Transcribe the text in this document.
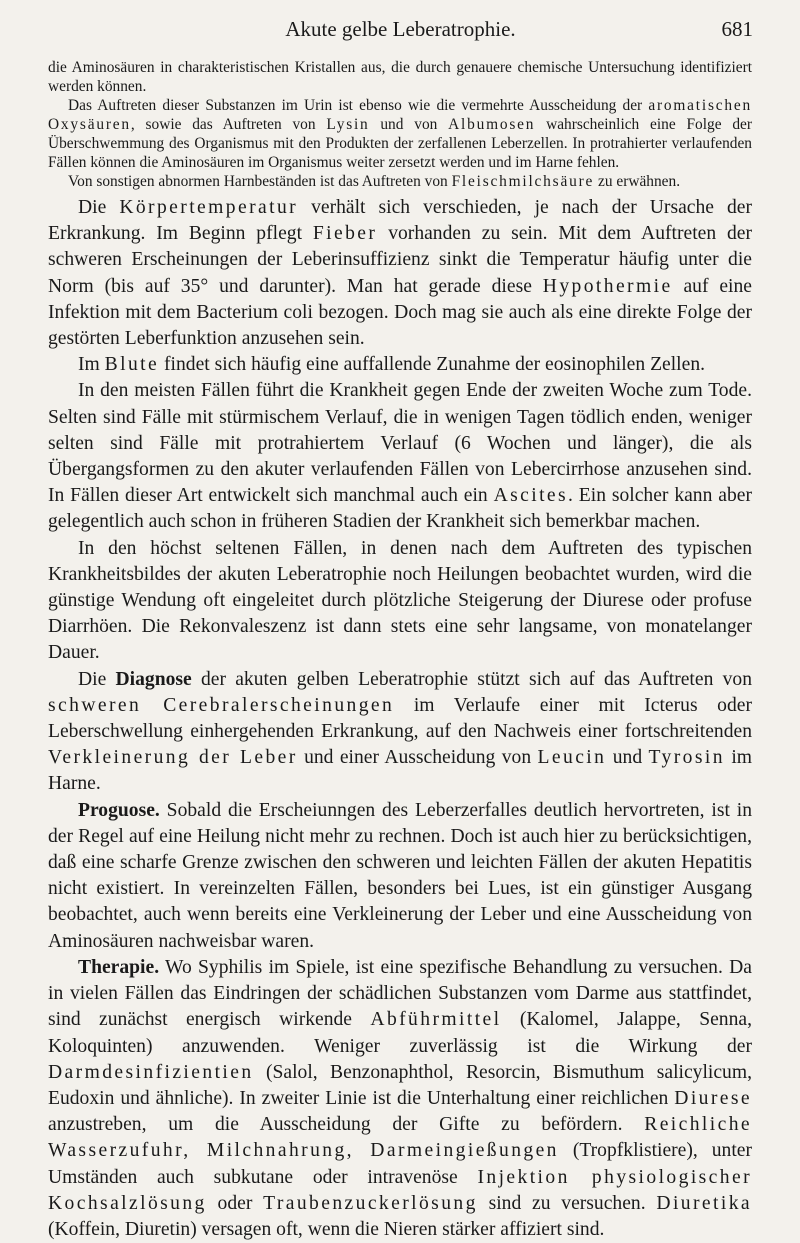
Akute gelbe Leberatrophie.	681

die Aminosäuren in charakteristischen Kristallen aus, die durch genauere chemische Untersuchung identifiziert werden können.

Das Auftreten dieser Substanzen im Urin ist ebenso wie die vermehrte Ausscheidung der aromatischen Oxysäuren, sowie das Auftreten von Lysin und von Albumosen wahrscheinlich eine Folge der Überschwemmung des Organismus mit den Produkten der zerfallenen Leberzellen. In protrahierter verlaufenden Fällen können die Aminosäuren im Organismus weiter zersetzt werden und im Harne fehlen.

Von sonstigen abnormen Harnbeständen ist das Auftreten von Fleischmilchsäure zu erwähnen.

Die Körpertemperatur verhält sich verschieden, je nach der Ursache der Erkrankung. Im Beginn pflegt Fieber vorhanden zu sein. Mit dem Auftreten der schweren Erscheinungen der Leberinsuffizienz sinkt die Temperatur häufig unter die Norm (bis auf 35° und darunter). Man hat gerade diese Hypothermie auf eine Infektion mit dem Bacterium coli bezogen. Doch mag sie auch als eine direkte Folge der gestörten Leberfunktion anzusehen sein.

Im Blute findet sich häufig eine auffallende Zunahme der eosinophilen Zellen.

In den meisten Fällen führt die Krankheit gegen Ende der zweiten Woche zum Tode. Selten sind Fälle mit stürmischem Verlauf, die in wenigen Tagen tödlich enden, weniger selten sind Fälle mit protrahiertem Verlauf (6 Wochen und länger), die als Übergangsformen zu den akuter verlaufenden Fällen von Lebercirrhose anzusehen sind. In Fällen dieser Art entwickelt sich manchmal auch ein Ascites. Ein solcher kann aber gelegentlich auch schon in früheren Stadien der Krankheit sich bemerkbar machen.

In den höchst seltenen Fällen, in denen nach dem Auftreten des typischen Krankheitsbildes der akuten Leberatrophie noch Heilungen beobachtet wurden, wird die günstige Wendung oft eingeleitet durch plötzliche Steigerung der Diurese oder profuse Diarrhöen. Die Rekonvaleszenz ist dann stets eine sehr langsame, von monatelanger Dauer.

Die Diagnose der akuten gelben Leberatrophie stützt sich auf das Auftreten von schweren Cerebralerscheinungen im Verlaufe einer mit Icterus oder Leberschwellung einhergehenden Erkrankung, auf den Nachweis einer fortschreitenden Verkleinerung der Leber und einer Ausscheidung von Leucin und Tyrosin im Harne.

Proguose. Sobald die Erscheiunngen des Leberzerfalles deutlich hervortreten, ist in der Regel auf eine Heilung nicht mehr zu rechnen. Doch ist auch hier zu berücksichtigen, daß eine scharfe Grenze zwischen den schweren und leichten Fällen der akuten Hepatitis nicht existiert. In vereinzelten Fällen, besonders bei Lues, ist ein günstiger Ausgang beobachtet, auch wenn bereits eine Verkleinerung der Leber und eine Ausscheidung von Aminosäuren nachweisbar waren.

Therapie. Wo Syphilis im Spiele, ist eine spezifische Behandlung zu versuchen. Da in vielen Fällen das Eindringen der schädlichen Substanzen vom Darme aus stattfindet, sind zunächst energisch wirkende Abführmittel (Kalomel, Jalappe, Senna, Koloquinten) anzuwenden. Weniger zuverlässig ist die Wirkung der Darmdesinfizientien (Salol, Benzonaphthol, Resorcin, Bismuthum salicylicum, Eudoxin und ähnliche). In zweiter Linie ist die Unterhaltung einer reichlichen Diurese anzustreben, um die Ausscheidung der Gifte zu befördern. Reichliche Wasserzufuhr, Milchnahrung, Darmeingießungen (Tropfklistiere), unter Umständen auch subkutane oder intravenöse Injektion physiologischer Kochsalzlösung oder Traubenzuckerlösung sind zu versuchen. Diuretika (Koffein, Diuretin) versagen oft, wenn die Nieren stärker affiziert sind.
